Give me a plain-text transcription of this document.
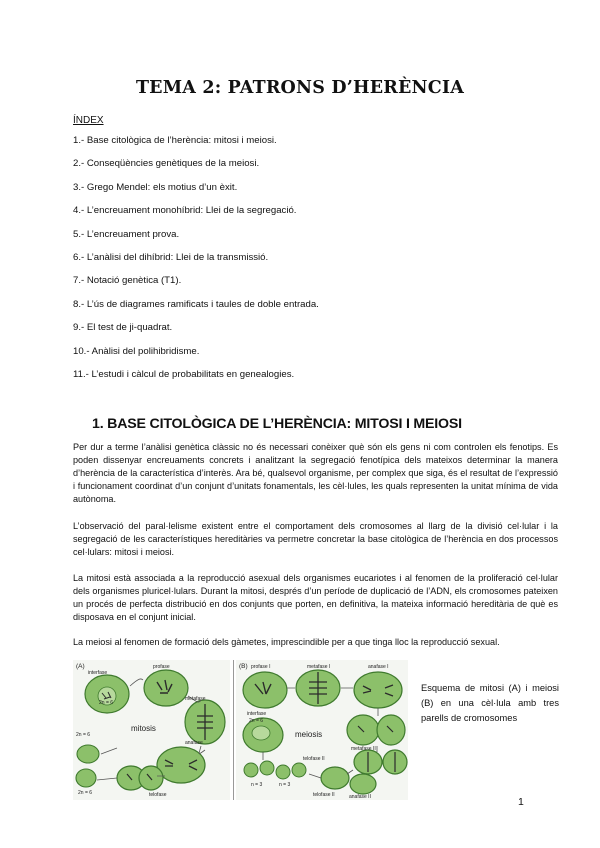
TEMA 2: PATRONS D’HERÈNCIA
ÍNDEX
1.- Base citològica de l’herència: mitosi i meiosi.
2.- Conseqüències genètiques de la meiosi.
3.- Grego Mendel: els motius d’un èxit.
4.- L’encreuament monohíbrid: Llei de la segregació.
5.- L’encreuament prova.
6.- L’anàlisi del dihíbrid: Llei de la transmissió.
7.- Notació genètica (T1).
8.- L’ús de diagrames ramificats i taules de doble entrada.
9.- El test de ji-quadrat.
10.- Anàlisi del polihibridisme.
11.- L’estudi i càlcul de probabilitats en genealogies.
1. BASE CITOLÒGICA DE L’HERÈNCIA: MITOSI I MEIOSI
Per dur a terme l’anàlisi genètica clàssic no és necessari conèixer què són els gens ni com controlen els fenotips. Es poden dissenyar encreuaments concrets i analitzant la segregació fenotípica dels mateixos determinar la manera d’herència de la característica d’interès. Ara bé, qualsevol organisme, per complex que siga, és el resultat de l’expressió i funcionament coordinat d’un conjunt d’unitats fonamentals, les cèl·lules, les quals representen la unitat mínima de vida autònoma.
L’observació del paral·lelisme existent entre el comportament dels cromosomes al llarg de la divisió cel·lular i la segregació de les característiques hereditàries va permetre concretar la base citològica de l’herència en dos processos cel·lulars: mitosi i meiosi.
La mitosi està associada a la reproducció asexual dels organismes eucariotes i al fenomen de la proliferació cel·lular dels organismes pluricel·lulars. Durant la mitosi, després d’un període de duplicació de l’ADN, els cromosomes pateixen un procés de perfecta distribució en dos conjunts que porten, en definitiva, la mateixa informació hereditària de què es disposava en el conjunt inicial.
La meiosi al fenomen de formació dels gàmetes, imprescindible per a que tinga lloc la reproducció sexual.
(A)
mitosis
interfase
profase
metafase
anafase
telofase
2n = 6
2n = 6
2n = 6
(B)
meiosis
profase I	metafase I	anafase I
interfase
metafase II
telofase II
anafase II
telofase II
2n = 6
n = 3	n = 3
Esquema de mitosi (A) i meiosi (B) en una cèl·lula amb tres parells de cromosomes
1
